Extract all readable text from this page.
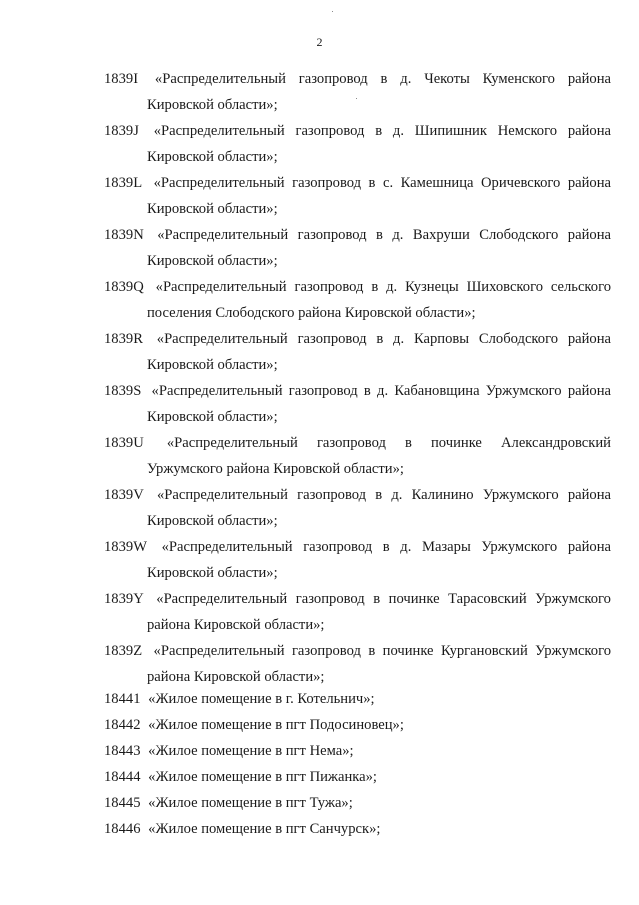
2
1839I «Распределительный газопровод в д. Чекоты Куменского района
Кировской области»;
1839J «Распределительный газопровод в д. Шипишник Немского района
Кировской области»;
1839L «Распределительный газопровод в с. Камешница Оричевского района
Кировской области»;
1839N «Распределительный газопровод в д. Вахруши Слободского района
Кировской области»;
1839Q «Распределительный газопровод в д. Кузнецы Шиховского сельского
поселения Слободского района Кировской области»;
1839R «Распределительный газопровод в д. Карповы Слободского района
Кировской области»;
1839S «Распределительный газопровод в д. Кабановщина Уржумского района
Кировской области»;
1839U «Распределительный газопровод в починке Александровский
Уржумского района Кировской области»;
1839V «Распределительный газопровод в д. Калинино Уржумского района
Кировской области»;
1839W «Распределительный газопровод в д. Мазары Уржумского района
Кировской области»;
1839Y «Распределительный газопровод в починке Тарасовский Уржумского
района Кировской области»;
1839Z «Распределительный газопровод в починке Кургановский Уржумского
района Кировской области»;
18441 «Жилое помещение в г. Котельнич»;
18442 «Жилое помещение в пгт Подосиновец»;
18443 «Жилое помещение в пгт Нема»;
18444 «Жилое помещение в пгт Пижанка»;
18445 «Жилое помещение в пгт Тужа»;
18446 «Жилое помещение в пгт Санчурск»;
